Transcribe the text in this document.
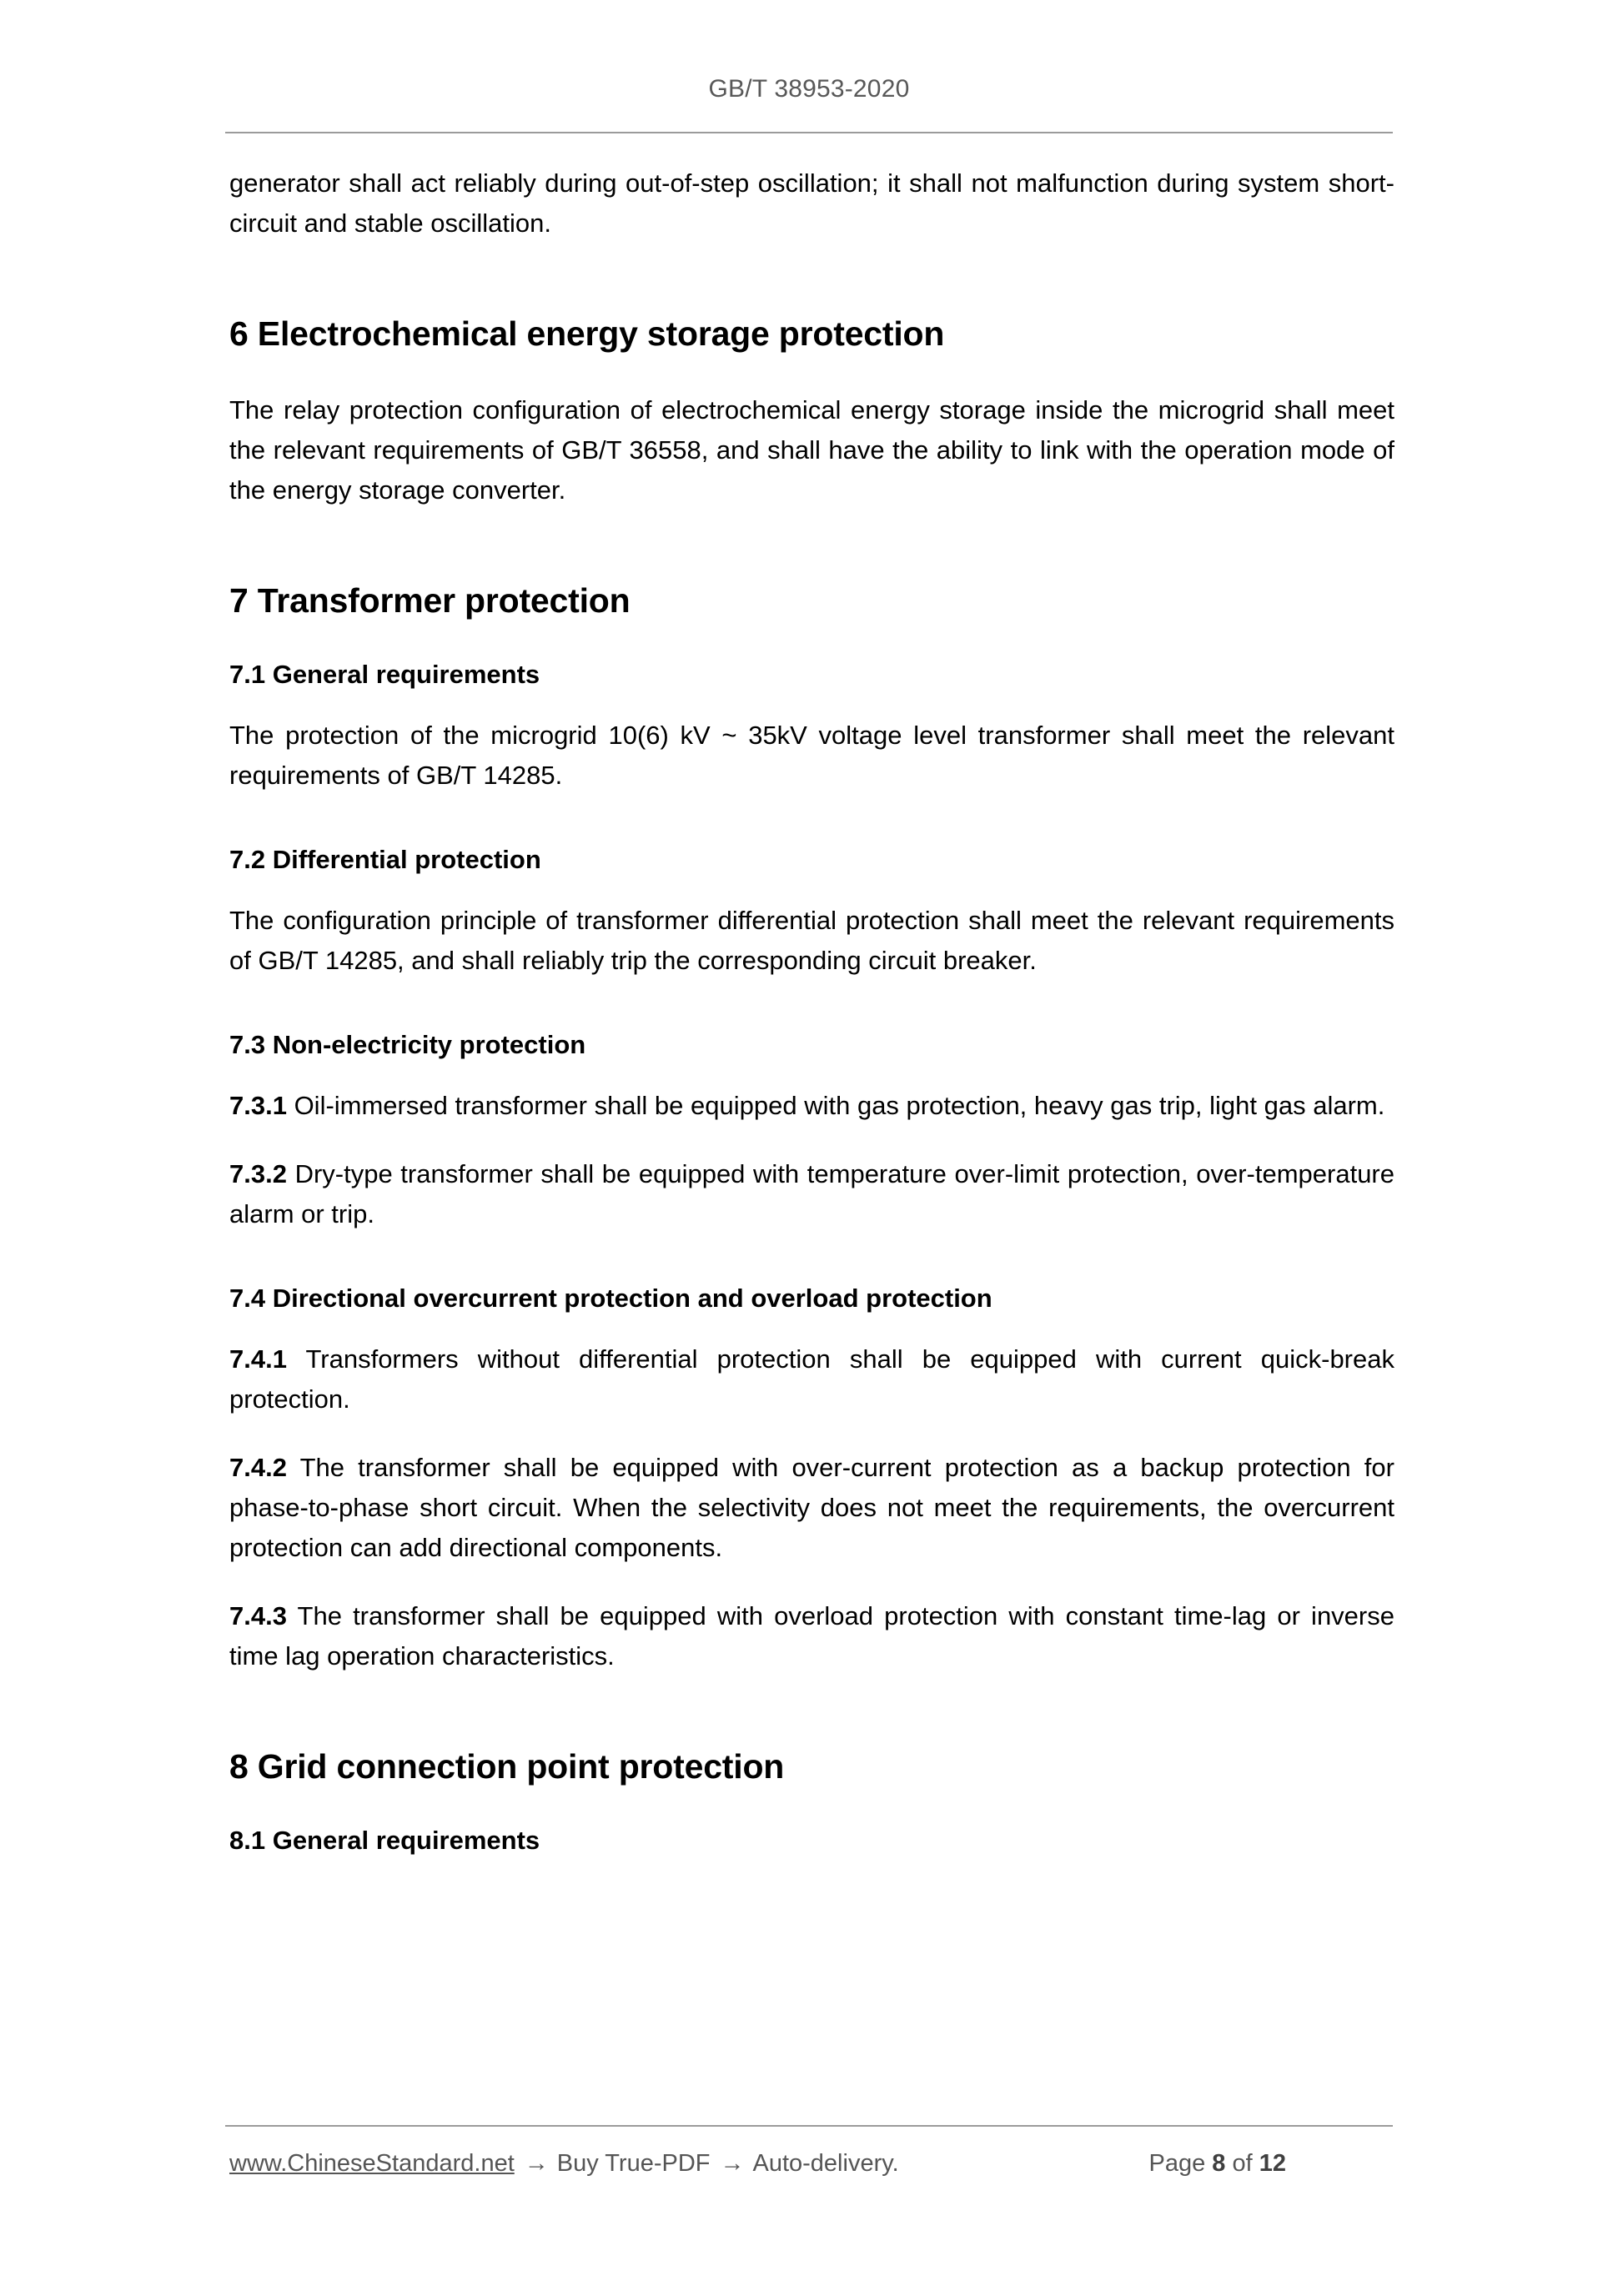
GB/T 38953-2020

generator shall act reliably during out-of-step oscillation; it shall not malfunction during system short-circuit and stable oscillation.

6 Electrochemical energy storage protection

The relay protection configuration of electrochemical energy storage inside the microgrid shall meet the relevant requirements of GB/T 36558, and shall have the ability to link with the operation mode of the energy storage converter.

7 Transformer protection
7.1 General requirements

The protection of the microgrid 10(6) kV ~ 35kV voltage level transformer shall meet the relevant requirements of GB/T 14285.

7.2 Differential protection

The configuration principle of transformer differential protection shall meet the relevant requirements of GB/T 14285, and shall reliably trip the corresponding circuit breaker.

7.3 Non-electricity protection

7.3.1 Oil-immersed transformer shall be equipped with gas protection, heavy gas trip, light gas alarm.

7.3.2 Dry-type transformer shall be equipped with temperature over-limit protection, over-temperature alarm or trip.

7.4 Directional overcurrent protection and overload protection

7.4.1 Transformers without differential protection shall be equipped with current quick-break protection.

7.4.2 The transformer shall be equipped with over-current protection as a backup protection for phase-to-phase short circuit. When the selectivity does not meet the requirements, the overcurrent protection can add directional components.

7.4.3 The transformer shall be equipped with overload protection with constant time-lag or inverse time lag operation characteristics.

8 Grid connection point protection
8.1 General requirements
www.ChineseStandard.net → Buy True-PDF → Auto-delivery.	Page 8 of 12
